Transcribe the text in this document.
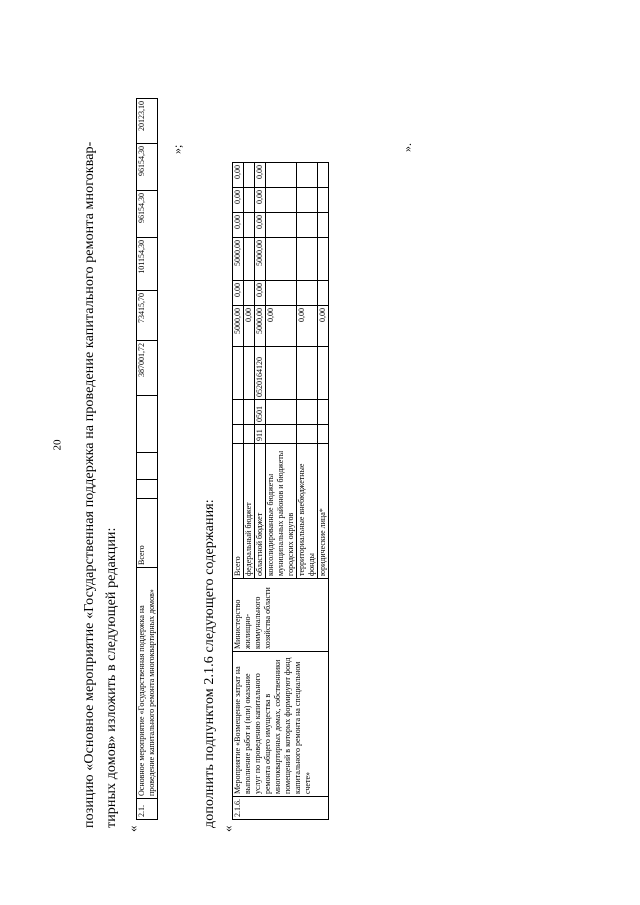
20 позицию «Основное мероприятие «Государственная поддержка на проведение капитального ремонта многоквар- тирных домов» изложить в следующей редакции:
«
2.1.	Основное мероприятие «Государственная поддержка на проведение капитального ремонта многоквартирных домов»	Всего				387001,72	73415,70	101154,30	96154,30	96154,30	20123,10
»;
дополнить подпунктом 2.1.6 следующего содержания:
«
2.1.6.	Мероприятие «Возмещение затрат на выполнение работ и (или) оказание услуг по проведению капитального ремонта общего имущества в многоквартирных домах, собственники помещений в которых формируют фонд капитального ремонта на специальном счете»	Министерство жилищно-коммунального хозяйства области	Всего				5000,00	0,00	5000,00	0,00	0,00	0,00
			федеральный бюджет				0,00					
			областной бюджет	911	0501	0520164120	5000,00	0,00	5000,00	0,00	0,00	0,00
			консолидированные бюджеты муниципальных районов и бюджеты городских округов				0,00					
			территориальные внебюджетные фонды				0,00					
			юридические лица*				0,00					
».
